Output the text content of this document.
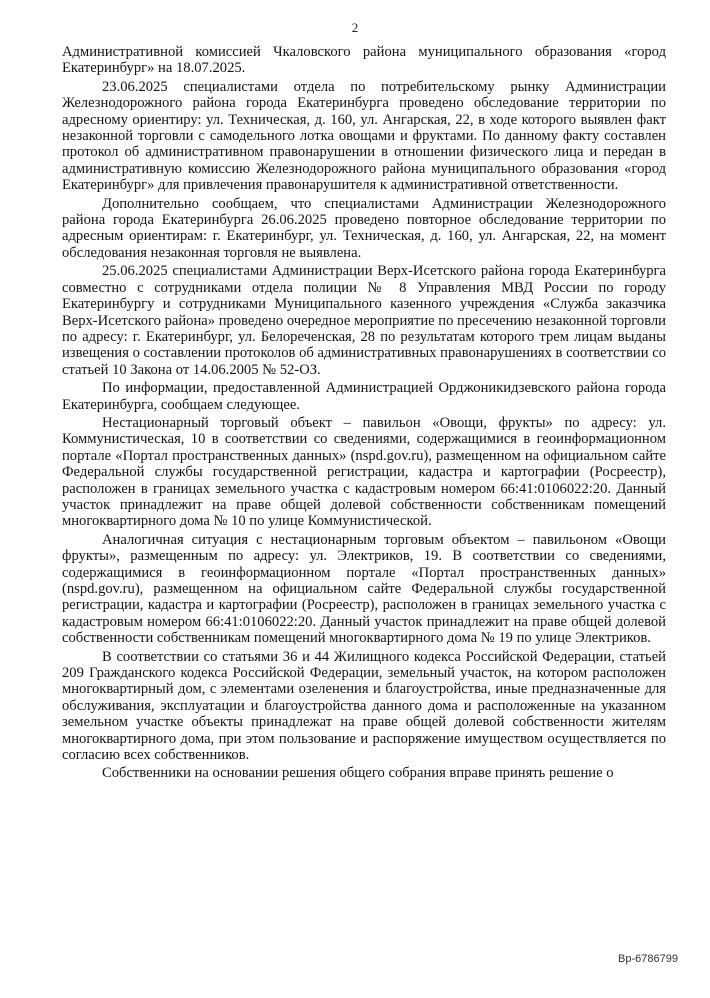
2

Административной комиссией Чкаловского района муниципального образования «город Екатеринбург» на 18.07.2025.

23.06.2025 специалистами отдела по потребительскому рынку Администрации Железнодорожного района города Екатеринбурга проведено обследование территории по адресному ориентиру: ул. Техническая, д. 160, ул. Ангарская, 22, в ходе которого выявлен факт незаконной торговли с самодельного лотка овощами и фруктами. По данному факту составлен протокол об административном правонарушении в отношении физического лица и передан в административную комиссию Железнодорожного района муниципального образования «город Екатеринбург» для привлечения правонарушителя к административной ответственности.

Дополнительно сообщаем, что специалистами Администрации Железнодорожного района города Екатеринбурга 26.06.2025 проведено повторное обследование территории по адресным ориентирам: г. Екатеринбург, ул. Техническая, д. 160, ул. Ангарская, 22, на момент обследования незаконная торговля не выявлена.

25.06.2025 специалистами Администрации Верх-Исетского района города Екатеринбурга совместно с сотрудниками отдела полиции № 8 Управления МВД России по городу Екатеринбургу и сотрудниками Муниципального казенного учреждения «Служба заказчика Верх-Исетского района» проведено очередное мероприятие по пресечению незаконной торговли по адресу: г. Екатеринбург, ул. Белореченская, 28 по результатам которого трем лицам выданы извещения о составлении протоколов об административных правонарушениях в соответствии со статьей 10 Закона от 14.06.2005 № 52-ОЗ.

По информации, предоставленной Администрацией Орджоникидзевского района города Екатеринбурга, сообщаем следующее.

Нестационарный торговый объект – павильон «Овощи, фрукты» по адресу: ул. Коммунистическая, 10 в соответствии со сведениями, содержащимися в геоинформационном портале «Портал пространственных данных» (nspd.gov.ru), размещенном на официальном сайте Федеральной службы государственной регистрации, кадастра и картографии (Росреестр), расположен в границах земельного участка с кадастровым номером 66:41:0106022:20. Данный участок принадлежит на праве общей долевой собственности собственникам помещений многоквартирного дома № 10 по улице Коммунистической.

Аналогичная ситуация с нестационарным торговым объектом – павильоном «Овощи фрукты», размещенным по адресу: ул. Электриков, 19. В соответствии со сведениями, содержащимися в геоинформационном портале «Портал пространственных данных» (nspd.gov.ru), размещенном на официальном сайте Федеральной службы государственной регистрации, кадастра и картографии (Росреестр), расположен в границах земельного участка с кадастровым номером 66:41:0106022:20. Данный участок принадлежит на праве общей долевой собственности собственникам помещений многоквартирного дома № 19 по улице Электриков.

В соответствии со статьями 36 и 44 Жилищного кодекса Российской Федерации, статьей 209 Гражданского кодекса Российской Федерации, земельный участок, на котором расположен многоквартирный дом, с элементами озеленения и благоустройства, иные предназначенные для обслуживания, эксплуатации и благоустройства данного дома и расположенные на указанном земельном участке объекты принадлежат на праве общей долевой собственности жителям многоквартирного дома, при этом пользование и распоряжение имуществом осуществляется по согласию всех собственников.

Собственники на основании решения общего собрания вправе принять решение о

Вр-6786799
